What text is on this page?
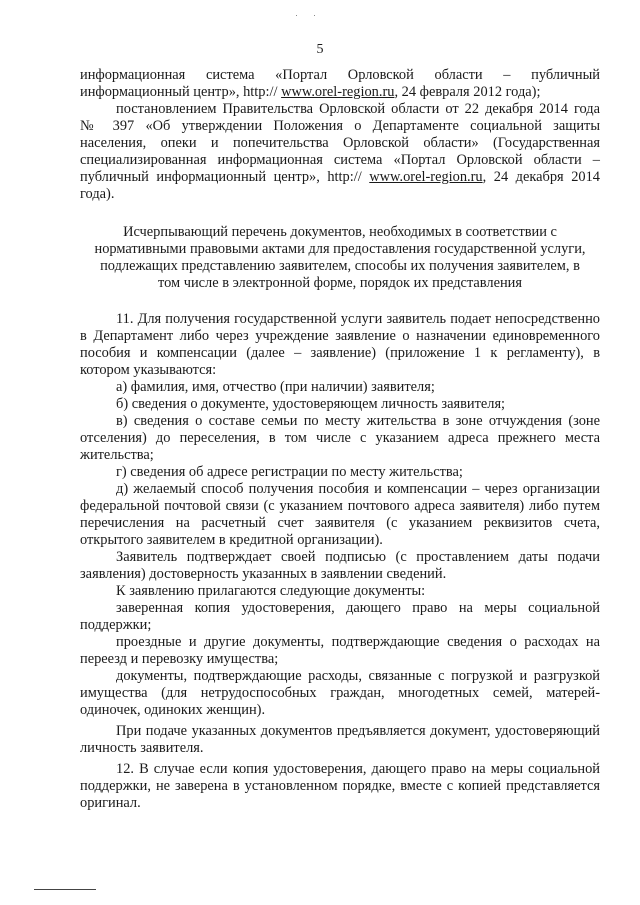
5
информационная система «Портал Орловской области – публичный
информационный центр», http:// www.orel-region.ru, 24 февраля 2012 года);
постановлением Правительства Орловской области от 22 декабря 2014 года
№ 397 «Об утверждении Положения о Департаменте социальной защиты
населения, опеки и попечительства Орловской области» (Государственная
специализированная информационная система «Портал Орловской области –
публичный информационный центр», http:// www.orel-region.ru, 24 декабря 2014
года).
Исчерпывающий перечень документов, необходимых в соответствии с
нормативными правовыми актами для предоставления государственной услуги,
подлежащих представлению заявителем, способы их получения заявителем, в
том числе в электронной форме, порядок их представления
11. Для получения государственной услуги заявитель подает непосредственно
в Департамент либо через учреждение заявление о назначении единовременного
пособия и компенсации (далее – заявление) (приложение 1 к регламенту), в
котором указываются:
а) фамилия, имя, отчество (при наличии) заявителя;
б) сведения о документе, удостоверяющем личность заявителя;
в) сведения о составе семьи по месту жительства в зоне отчуждения (зоне
отселения) до переселения, в том числе с указанием адреса прежнего места
жительства;
г) сведения об адресе регистрации по месту жительства;
д) желаемый способ получения пособия и компенсации – через организации
федеральной почтовой связи (с указанием почтового адреса заявителя) либо путем
перечисления на расчетный счет заявителя (с указанием реквизитов счета,
открытого заявителем в кредитной организации).
Заявитель подтверждает своей подписью (с проставлением даты подачи
заявления) достоверность указанных в заявлении сведений.
К заявлению прилагаются следующие документы:
заверенная копия удостоверения, дающего право на меры социальной
поддержки;
проездные и другие документы, подтверждающие сведения о расходах на
переезд и перевозку имущества;
документы, подтверждающие расходы, связанные с погрузкой и разгрузкой
имущества (для нетрудоспособных граждан, многодетных семей, матерей-
одиночек, одиноких женщин).
При подаче указанных документов предъявляется документ, удостоверяющий
личность заявителя.
12. В случае если копия удостоверения, дающего право на меры социальной
поддержки, не заверена в установленном порядке, вместе с копией представляется
оригинал.
